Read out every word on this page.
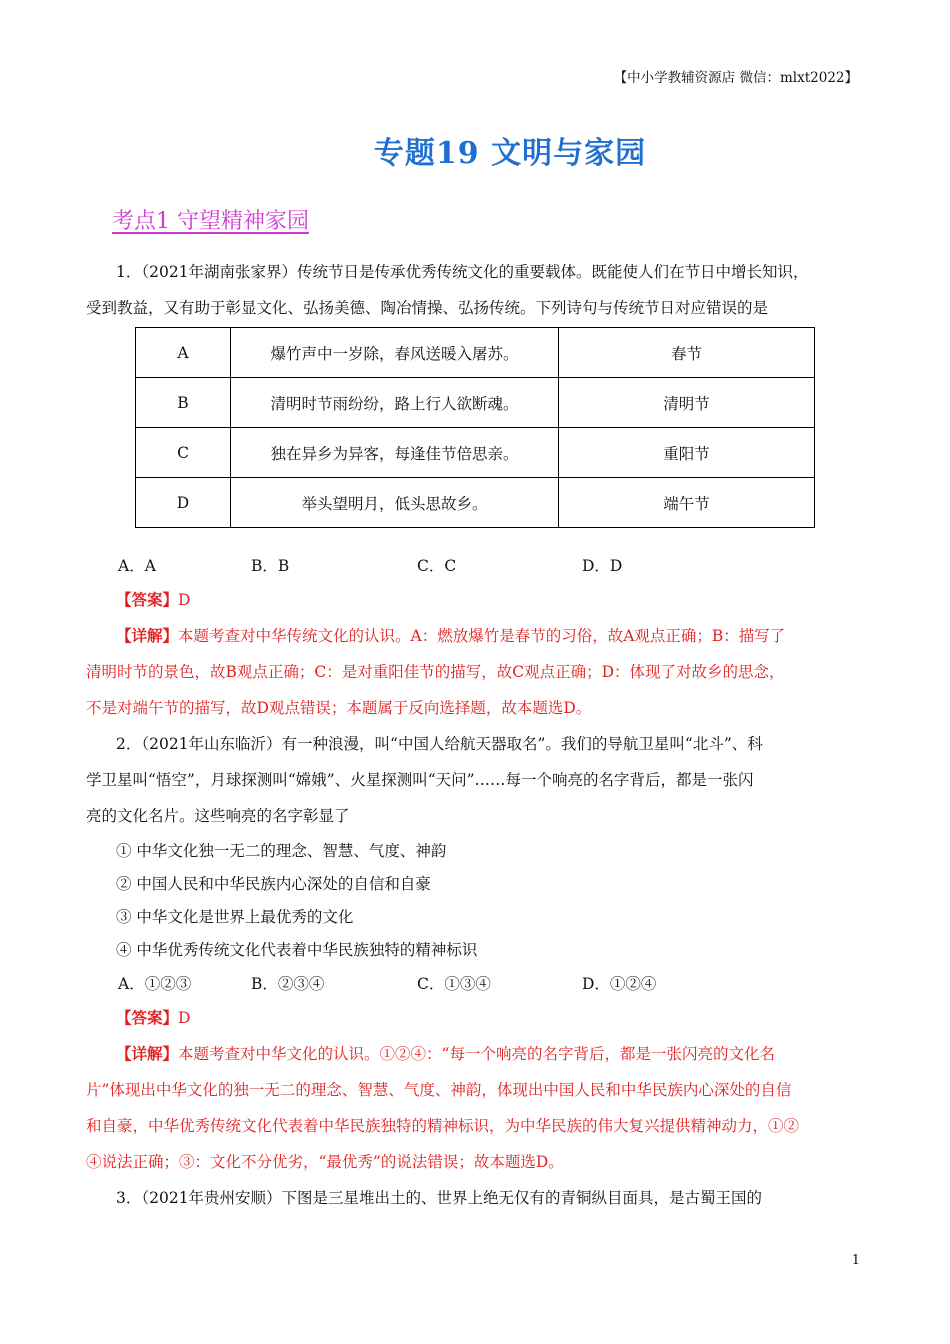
【中小学教辅资源店 微信：mlxt2022】
专题19 文明与家园
考点1 守望精神家园
1．（2021年湖南张家界）传统节日是传承优秀传统文化的重要载体。既能使人们在节日中增长知识，
受到教益，又有助于彰显文化、弘扬美德、陶冶情操、弘扬传统。下列诗句与传统节日对应错误的是
A	爆竹声中一岁除，春风送暖入屠苏。	春节
B	清明时节雨纷纷，路上行人欲断魂。	清明节
C	独在异乡为异客，每逢佳节倍思亲。	重阳节
D	举头望明月，低头思故乡。	端午节
A．A	B．B	C．C	D．D
【答案】D
【详解】本题考查对中华传统文化的认识。A：燃放爆竹是春节的习俗，故A观点正确；B：描写了
清明时节的景色，故B观点正确；C：是对重阳佳节的描写，故C观点正确；D：体现了对故乡的思念，
不是对端午节的描写，故D观点错误；本题属于反向选择题，故本题选D。
2．（2021年山东临沂）有一种浪漫，叫“中国人给航天器取名”。我们的导航卫星叫“北斗”、科
学卫星叫“悟空”，月球探测叫“嫦娥”、火星探测叫“天问”……每一个响亮的名字背后，都是一张闪
亮的文化名片。这些响亮的名字彰显了
① 中华文化独一无二的理念、智慧、气度、神韵
② 中国人民和中华民族内心深处的自信和自豪
③ 中华文化是世界上最优秀的文化
④ 中华优秀传统文化代表着中华民族独特的精神标识
A．①②③	B．②③④	C．①③④	D．①②④
【答案】D
【详解】本题考查对中华文化的认识。①②④：“每一个响亮的名字背后，都是一张闪亮的文化名
片”体现出中华文化的独一无二的理念、智慧、气度、神韵，体现出中国人民和中华民族内心深处的自信
和自豪，中华优秀传统文化代表着中华民族独特的精神标识，为中华民族的伟大复兴提供精神动力，①②
④说法正确；③：文化不分优劣，“最优秀”的说法错误；故本题选D。
3．（2021年贵州安顺）下图是三星堆出土的、世界上绝无仅有的青铜纵目面具，是古蜀王国的
1
